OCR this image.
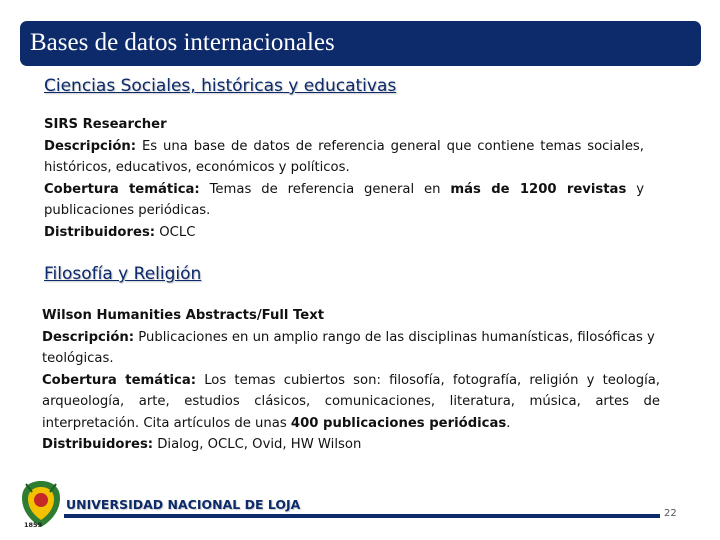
Bases de datos internacionales
Ciencias Sociales, históricas y educativas

SIRS Researcher

Descripción: Es una base de datos de referencia general que contiene temas sociales, históricos, educativos, económicos y políticos.

Cobertura temática: Temas de referencia general en más de 1200 revistas y publicaciones periódicas.

Distribuidores: OCLC

Filosofía y Religión

Wilson Humanities Abstracts/Full Text

Descripción: Publicaciones en un amplio rango de las disciplinas humanísticas, filosóficas y teológicas.

Cobertura temática: Los temas cubiertos son: filosofía, fotografía, religión y teología, arqueología, arte, estudios clásicos, comunicaciones, literatura, música, artes de interpretación. Cita artículos de unas 400 publicaciones periódicas.

Distribuidores: Dialog, OCLC, Ovid, HW Wilson

1859
UNIVERSIDAD NACIONAL DE LOJA
22
